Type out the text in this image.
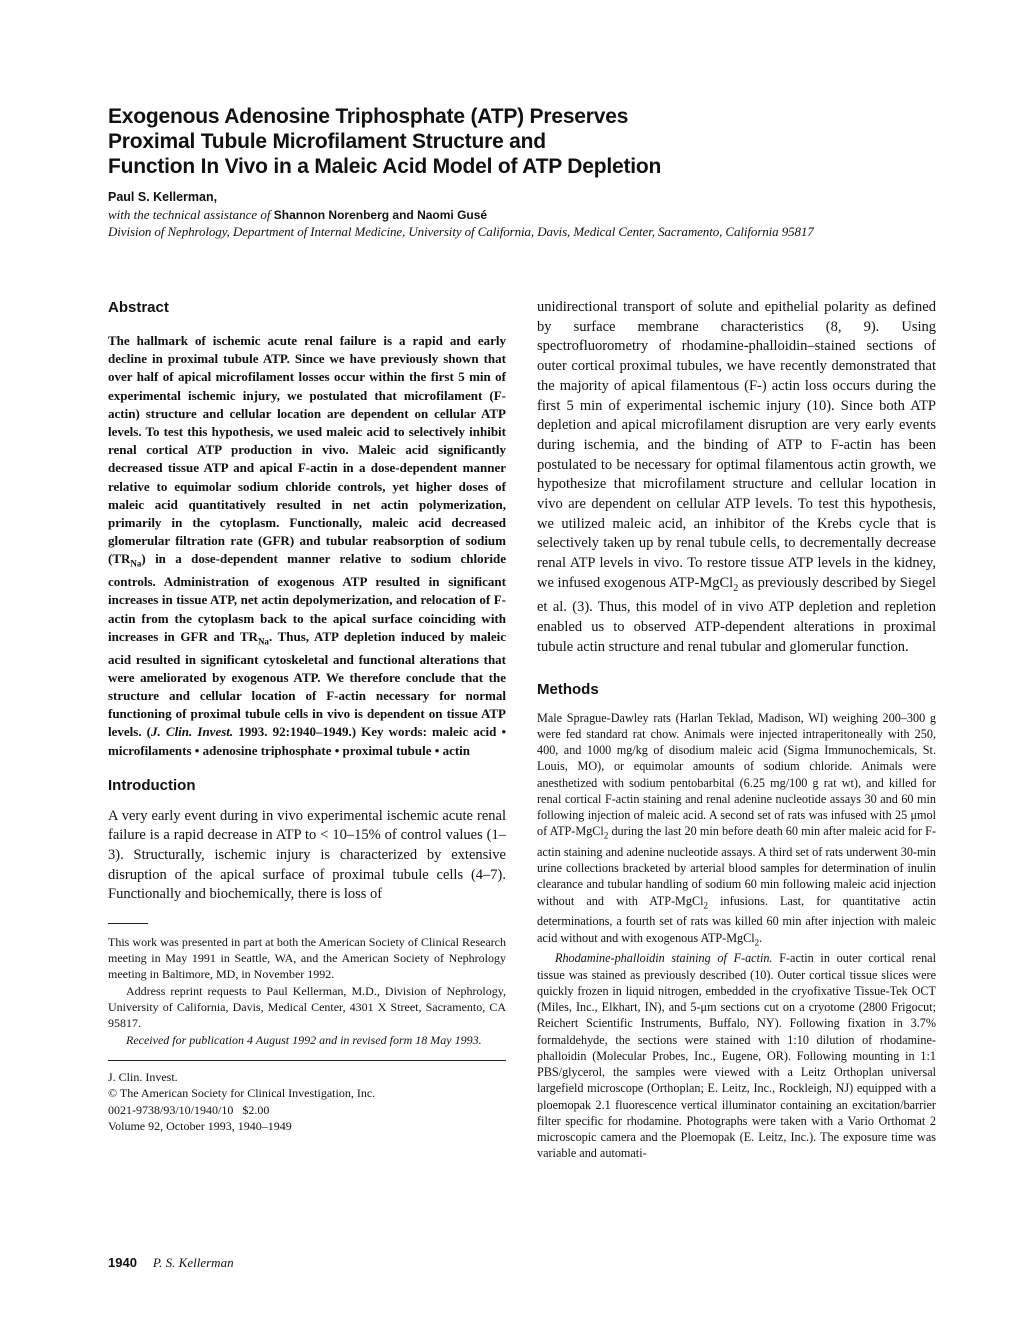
Exogenous Adenosine Triphosphate (ATP) Preserves
Proximal Tubule Microfilament Structure and
Function In Vivo in a Maleic Acid Model of ATP Depletion
Paul S. Kellerman,
with the technical assistance of Shannon Norenberg and Naomi Gusé
Division of Nephrology, Department of Internal Medicine, University of California, Davis, Medical Center, Sacramento, California 95817
Abstract

The hallmark of ischemic acute renal failure is a rapid and early decline in proximal tubule ATP. Since we have previously shown that over half of apical microfilament losses occur within the first 5 min of experimental ischemic injury, we postulated that microfilament (F-actin) structure and cellular location are dependent on cellular ATP levels. To test this hypothesis, we used maleic acid to selectively inhibit renal cortical ATP production in vivo. Maleic acid significantly decreased tissue ATP and apical F-actin in a dose-dependent manner relative to equimolar sodium chloride controls, yet higher doses of maleic acid quantitatively resulted in net actin polymerization, primarily in the cytoplasm. Functionally, maleic acid decreased glomerular filtration rate (GFR) and tubular reabsorption of sodium $(TR_{Na})$ in a dose-dependent manner relative to sodium chloride controls. Administration of exogenous ATP resulted in significant increases in tissue ATP, net actin depolymerization, and relocation of F-actin from the cytoplasm back to the apical surface coinciding with increases in GFR and $TR_{Na}$. Thus, ATP depletion induced by maleic acid resulted in significant cytoskeletal and functional alterations that were ameliorated by exogenous ATP. We therefore conclude that the structure and cellular location of F-actin necessary for normal functioning of proximal tubule cells in vivo is dependent on tissue ATP levels. (J. Clin. Invest. 1993. 92:1940–1949.) Key words: maleic acid • microfilaments • adenosine triphosphate • proximal tubule • actin

Introduction

A very early event during in vivo experimental ischemic acute renal failure is a rapid decrease in ATP to < 10–15% of control values (1–3). Structurally, ischemic injury is characterized by extensive disruption of the apical surface of proximal tubule cells (4–7). Functionally and biochemically, there is loss of

This work was presented in part at both the American Society of Clinical Research meeting in May 1991 in Seattle, WA, and the American Society of Nephrology meeting in Baltimore, MD, in November 1992.

Address reprint requests to Paul Kellerman, M.D., Division of Nephrology, University of California, Davis, Medical Center, 4301 X Street, Sacramento, CA 95817.

Received for publication 4 August 1992 and in revised form 18 May 1993.

J. Clin. Invest.

© The American Society for Clinical Investigation, Inc.

0021-9738/93/10/1940/10   $2.00

Volume 92, October 1993, 1940–1949

unidirectional transport of solute and epithelial polarity as defined by surface membrane characteristics (8, 9). Using spectrofluorometry of rhodamine-phalloidin–stained sections of outer cortical proximal tubules, we have recently demonstrated that the majority of apical filamentous (F-) actin loss occurs during the first 5 min of experimental ischemic injury (10). Since both ATP depletion and apical microfilament disruption are very early events during ischemia, and the binding of ATP to F-actin has been postulated to be necessary for optimal filamentous actin growth, we hypothesize that microfilament structure and cellular location in vivo are dependent on cellular ATP levels. To test this hypothesis, we utilized maleic acid, an inhibitor of the Krebs cycle that is selectively taken up by renal tubule cells, to decrementally decrease renal ATP levels in vivo. To restore tissue ATP levels in the kidney, we infused exogenous ATP-MgCl$_2$ as previously described by Siegel et al. (3). Thus, this model of in vivo ATP depletion and repletion enabled us to observed ATP-dependent alterations in proximal tubule actin structure and renal tubular and glomerular function.

Methods

Male Sprague-Dawley rats (Harlan Teklad, Madison, WI) weighing 200–300 g were fed standard rat chow. Animals were injected intraperitoneally with 250, 400, and 1000 mg/kg of disodium maleic acid (Sigma Immunochemicals, St. Louis, MO), or equimolar amounts of sodium chloride. Animals were anesthetized with sodium pentobarbital (6.25 mg/100 g rat wt), and killed for renal cortical F-actin staining and renal adenine nucleotide assays 30 and 60 min following injection of maleic acid. A second set of rats was infused with 25 μmol of ATP-MgCl$_2$ during the last 20 min before death 60 min after maleic acid for F-actin staining and adenine nucleotide assays. A third set of rats underwent 30-min urine collections bracketed by arterial blood samples for determination of inulin clearance and tubular handling of sodium 60 min following maleic acid injection without and with ATP-MgCl$_2$ infusions. Last, for quantitative actin determinations, a fourth set of rats was killed 60 min after injection with maleic acid without and with exogenous ATP-MgCl$_2$.

Rhodamine-phalloidin staining of F-actin. F-actin in outer cortical renal tissue was stained as previously described (10). Outer cortical tissue slices were quickly frozen in liquid nitrogen, embedded in the cryofixative Tissue-Tek OCT (Miles, Inc., Elkhart, IN), and 5-μm sections cut on a cryotome (2800 Frigocut; Reichert Scientific Instruments, Buffalo, NY). Following fixation in 3.7% formaldehyde, the sections were stained with 1:10 dilution of rhodamine-phalloidin (Molecular Probes, Inc., Eugene, OR). Following mounting in 1:1 PBS/glycerol, the samples were viewed with a Leitz Orthoplan universal largefield microscope (Orthoplan; E. Leitz, Inc., Rockleigh, NJ) equipped with a ploemopak 2.1 fluorescence vertical illuminator containing an excitation/barrier filter specific for rhodamine. Photographs were taken with a Vario Orthomat 2 microscopic camera and the Ploemopak (E. Leitz, Inc.). The exposure time was variable and automati-

1940 P. S. Kellerman
